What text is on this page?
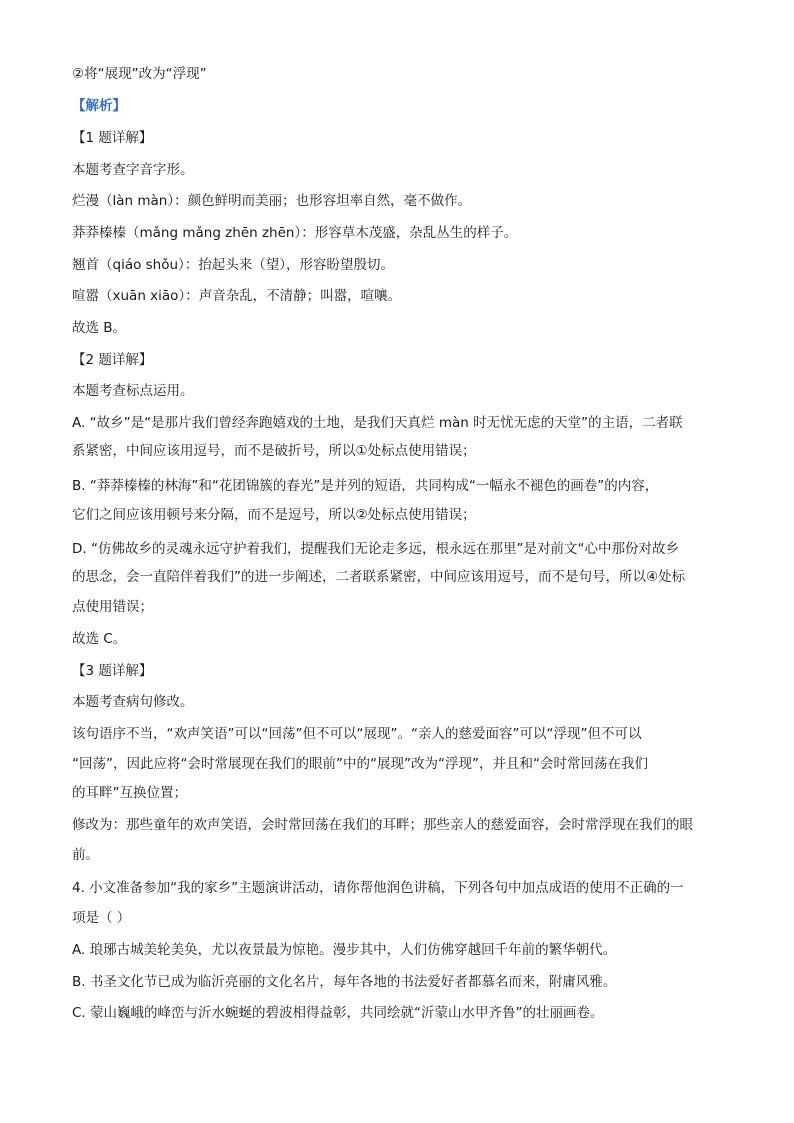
②将“展现”改为“浮现”
【解析】
【1 题详解】
本题考查字音字形。
烂漫（làn màn）：颜色鲜明而美丽；也形容坦率自然，毫不做作。
莽莽榛榛（mǎng mǎng zhēn zhēn）：形容草木茂盛，杂乱丛生的样子。
翘首（qiáo shǒu）：抬起头来（望），形容盼望殷切。
喧嚣（xuān xiāo）：声音杂乱，不清静；叫嚣，喧嚷。
故选 B。
【2 题详解】
本题考查标点运用。
A. “故乡”是“是那片我们曾经奔跑嬉戏的土地，是我们天真烂 màn 时无忧无虑的天堂”的主语，二者联
系紧密，中间应该用逗号，而不是破折号，所以①处标点使用错误；
B. “莽莽榛榛的林海”和“花团锦簇的春光”是并列的短语，共同构成“一幅永不褪色的画卷”的内容，
它们之间应该用顿号来分隔，而不是逗号，所以②处标点使用错误；
D. “仿佛故乡的灵魂永远守护着我们，提醒我们无论走多远，根永远在那里”是对前文“心中那份对故乡
的思念，会一直陪伴着我们”的进一步阐述，二者联系紧密，中间应该用逗号，而不是句号，所以④处标
点使用错误；
故选 C。
【3 题详解】
本题考查病句修改。
该句语序不当，“欢声笑语”可以“回荡”但不可以“展现”。“亲人的慈爱面容”可以“浮现”但不可以
“回荡”，因此应将“会时常展现在我们的眼前”中的“展现”改为“浮现”，并且和“会时常回荡在我们
的耳畔”互换位置；
修改为：那些童年的欢声笑语，会时常回荡在我们的耳畔；那些亲人的慈爱面容，会时常浮现在我们的眼
前。
4. 小文准备参加“我的家乡”主题演讲活动，请你帮他润色讲稿，下列各句中加点成语的使用不正确的一
项是（ ）
A. 琅琊古城美轮美奂，尤以夜景最为惊艳。漫步其中，人们仿佛穿越回千年前的繁华朝代。
B. 书圣文化节已成为临沂亮丽的文化名片，每年各地的书法爱好者都慕名而来，附庸风雅。
C. 蒙山巍峨的峰峦与沂水蜿蜒的碧波相得益彰，共同绘就“沂蒙山水甲齐鲁”的壮丽画卷。
